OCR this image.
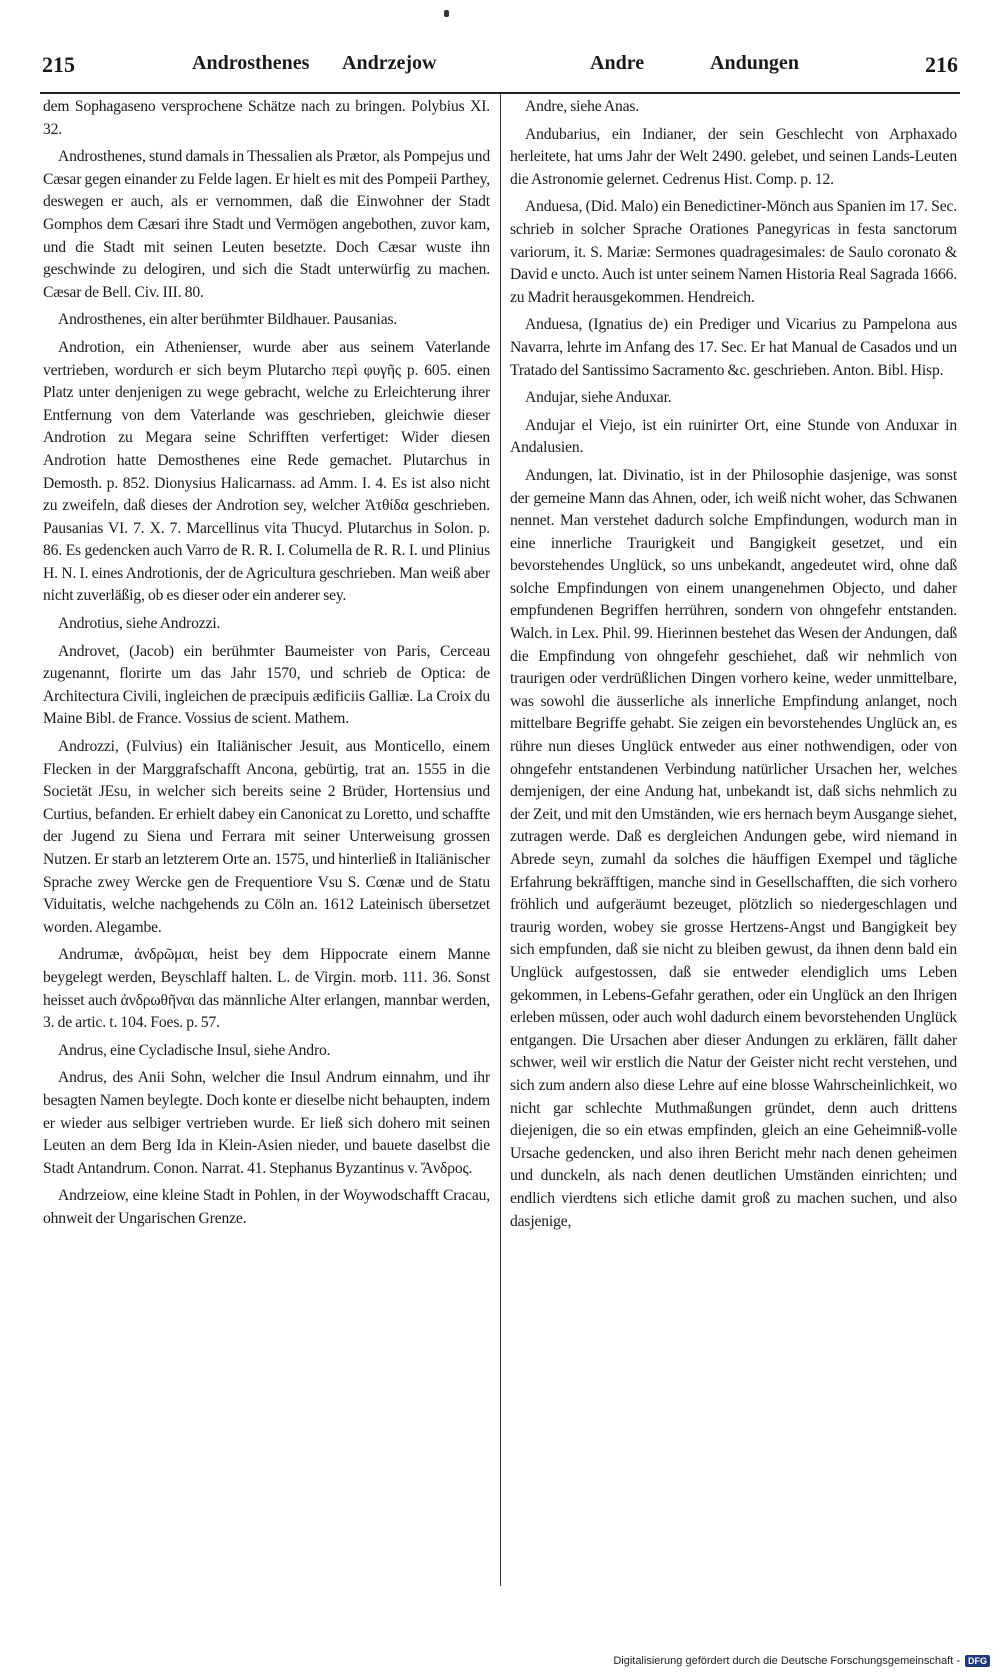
215	Androsthenes Andrzejow	Andre	Andungen	216

dem Sophagaseno versprochene Schätze nach zu bringen. Polybius XI. 32.

Androsthenes, stund damals in Thessalien als Prætor, als Pompejus und Cæsar gegen einander zu Felde lagen. Er hielt es mit des Pompeii Parthey, deswegen er auch, als er vernommen, daß die Einwohner der Stadt Gomphos dem Cæsari ihre Stadt und Vermögen angebothen, zuvor kam, und die Stadt mit seinen Leuten besetzte. Doch Cæsar wuste ihn geschwinde zu delogiren, und sich die Stadt unterwürfig zu machen. Cæsar de Bell. Civ. III. 80.

Androsthenes, ein alter berühmter Bildhauer. Pausanias.

Androtion, ein Athenienser, wurde aber aus seinem Vaterlande vertrieben, wordurch er sich beym Plutarcho περὶ φυγῆς p. 605. einen Platz unter denjenigen zu wege gebracht, welche zu Erleichterung ihrer Entfernung von dem Vaterlande was geschrieben, gleichwie dieser Androtion zu Megara seine Schrifften verfertiget: Wider diesen Androtion hatte Demosthenes eine Rede gemachet. Plutarchus in Demosth. p. 852. Dionysius Halicarnass. ad Amm. I. 4. Es ist also nicht zu zweifeln, daß dieses der Androtion sey, welcher Ἀτθίδα geschrieben. Pausanias VI. 7. X. 7. Marcellinus vita Thucyd. Plutarchus in Solon. p. 86. Es gedencken auch Varro de R. R. I. Columella de R. R. I. und Plinius H. N. I. eines Androtionis, der de Agricultura geschrieben. Man weiß aber nicht zuverläßig, ob es dieser oder ein anderer sey.

Androtius, siehe Androzzi.

Androvet, (Jacob) ein berühmter Baumeister von Paris, Cerceau zugenannt, florirte um das Jahr 1570, und schrieb de Optica: de Architectura Civili, ingleichen de præcipuis ædificiis Galliæ. La Croix du Maine Bibl. de France. Vossius de scient. Mathem.

Androzzi, (Fulvius) ein Italiänischer Jesuit, aus Monticello, einem Flecken in der Marggrafschafft Ancona, gebürtig, trat an. 1555 in die Societät JEsu, in welcher sich bereits seine 2 Brüder, Hortensius und Curtius, befanden. Er erhielt dabey ein Canonicat zu Loretto, und schaffte der Jugend zu Siena und Ferrara mit seiner Unterweisung grossen Nutzen. Er starb an letzterem Orte an. 1575, und hinterließ in Italiänischer Sprache zwey Wercke gen de Frequentiore Vsu S. Cœnæ und de Statu Viduitatis, welche nachgehends zu Cöln an. 1612 Lateinisch übersetzet worden. Alegambe.

Andrumæ, ἀνδρῶμαι, heist bey dem Hippocrate einem Manne beygelegt werden, Beyschlaff halten. L. de Virgin. morb. 111. 36. Sonst heisset auch ἀνδρωθῆναι das männliche Alter erlangen, mannbar werden, 3. de artic. t. 104. Foes. p. 57.

Andrus, eine Cycladische Insul, siehe Andro.

Andrus, des Anii Sohn, welcher die Insul Andrum einnahm, und ihr besagten Namen beylegte. Doch konte er dieselbe nicht behaupten, indem er wieder aus selbiger vertrieben wurde. Er ließ sich dohero mit seinen Leuten an dem Berg Ida in Klein-Asien nieder, und bauete daselbst die Stadt Antandrum. Conon. Narrat. 41. Stephanus Byzantinus v. Ἄνδρος.

Andrzeiow, eine kleine Stadt in Pohlen, in der Woywodschafft Cracau, ohnweit der Ungarischen Grenze.

Andre, siehe Anas.

Andubarius, ein Indianer, der sein Geschlecht von Arphaxado herleitete, hat ums Jahr der Welt 2490. gelebet, und seinen Lands-Leuten die Astronomie gelernet. Cedrenus Hist. Comp. p. 12.

Anduesa, (Did. Malo) ein Benedictiner-Mönch aus Spanien im 17. Sec. schrieb in solcher Sprache Orationes Panegyricas in festa sanctorum variorum, it. S. Mariæ: Sermones quadragesimales: de Saulo coronato & David e uncto. Auch ist unter seinem Namen Historia Real Sagrada 1666. zu Madrit herausgekommen. Hendreich.

Anduesa, (Ignatius de) ein Prediger und Vicarius zu Pampelona aus Navarra, lehrte im Anfang des 17. Sec. Er hat Manual de Casados und un Tratado del Santissimo Sacramento &c. geschrieben. Anton. Bibl. Hisp.

Andujar, siehe Anduxar.

Andujar el Viejo, ist ein ruinirter Ort, eine Stunde von Anduxar in Andalusien.

Andungen, lat. Divinatio, ist in der Philosophie dasjenige, was sonst der gemeine Mann das Ahnen, oder, ich weiß nicht woher, das Schwanen nennet. Man verstehet dadurch solche Empfindungen, wodurch man in eine innerliche Traurigkeit und Bangigkeit gesetzet, und ein bevorstehendes Unglück, so uns unbekandt, angedeutet wird, ohne daß solche Empfindungen von einem unangenehmen Objecto, und daher empfundenen Begriffen herrühren, sondern von ohngefehr entstanden. Walch. in Lex. Phil. 99. Hierinnen bestehet das Wesen der Andungen, daß die Empfindung von ohngefehr geschiehet, daß wir nehmlich von traurigen oder verdrüßlichen Dingen vorhero keine, weder unmittelbare, was sowohl die äusserliche als innerliche Empfindung anlanget, noch mittelbare Begriffe gehabt. Sie zeigen ein bevorstehendes Unglück an, es rühre nun dieses Unglück entweder aus einer nothwendigen, oder von ohngefehr entstandenen Verbindung natürlicher Ursachen her, welches demjenigen, der eine Andung hat, unbekandt ist, daß sichs nehmlich zu der Zeit, und mit den Umständen, wie ers hernach beym Ausgange siehet, zutragen werde. Daß es dergleichen Andungen gebe, wird niemand in Abrede seyn, zumahl da solches die häuffigen Exempel und tägliche Erfahrung bekräfftigen, manche sind in Gesellschafften, die sich vorhero fröhlich und aufgeräumt bezeuget, plötzlich so niedergeschlagen und traurig worden, wobey sie grosse Hertzens-Angst und Bangigkeit bey sich empfunden, daß sie nicht zu bleiben gewust, da ihnen denn bald ein Unglück aufgestossen, daß sie entweder elendiglich ums Leben gekommen, in Lebens-Gefahr gerathen, oder ein Unglück an den Ihrigen erleben müssen, oder auch wohl dadurch einem bevorstehenden Unglück entgangen. Die Ursachen aber dieser Andungen zu erklären, fällt daher schwer, weil wir erstlich die Natur der Geister nicht recht verstehen, und sich zum andern also diese Lehre auf eine blosse Wahrscheinlichkeit, wo nicht gar schlechte Muthmaßungen gründet, denn auch drittens diejenigen, die so ein etwas empfinden, gleich an eine Geheimniß-volle Ursache gedencken, und also ihren Bericht mehr nach denen geheimen und dunckeln, als nach denen deutlichen Umständen einrichten; und endlich vierdtens sich etliche damit groß zu machen suchen, und also dasjenige,

Digitalisierung gefördert durch die Deutsche Forschungsgemeinschaft - DFG
